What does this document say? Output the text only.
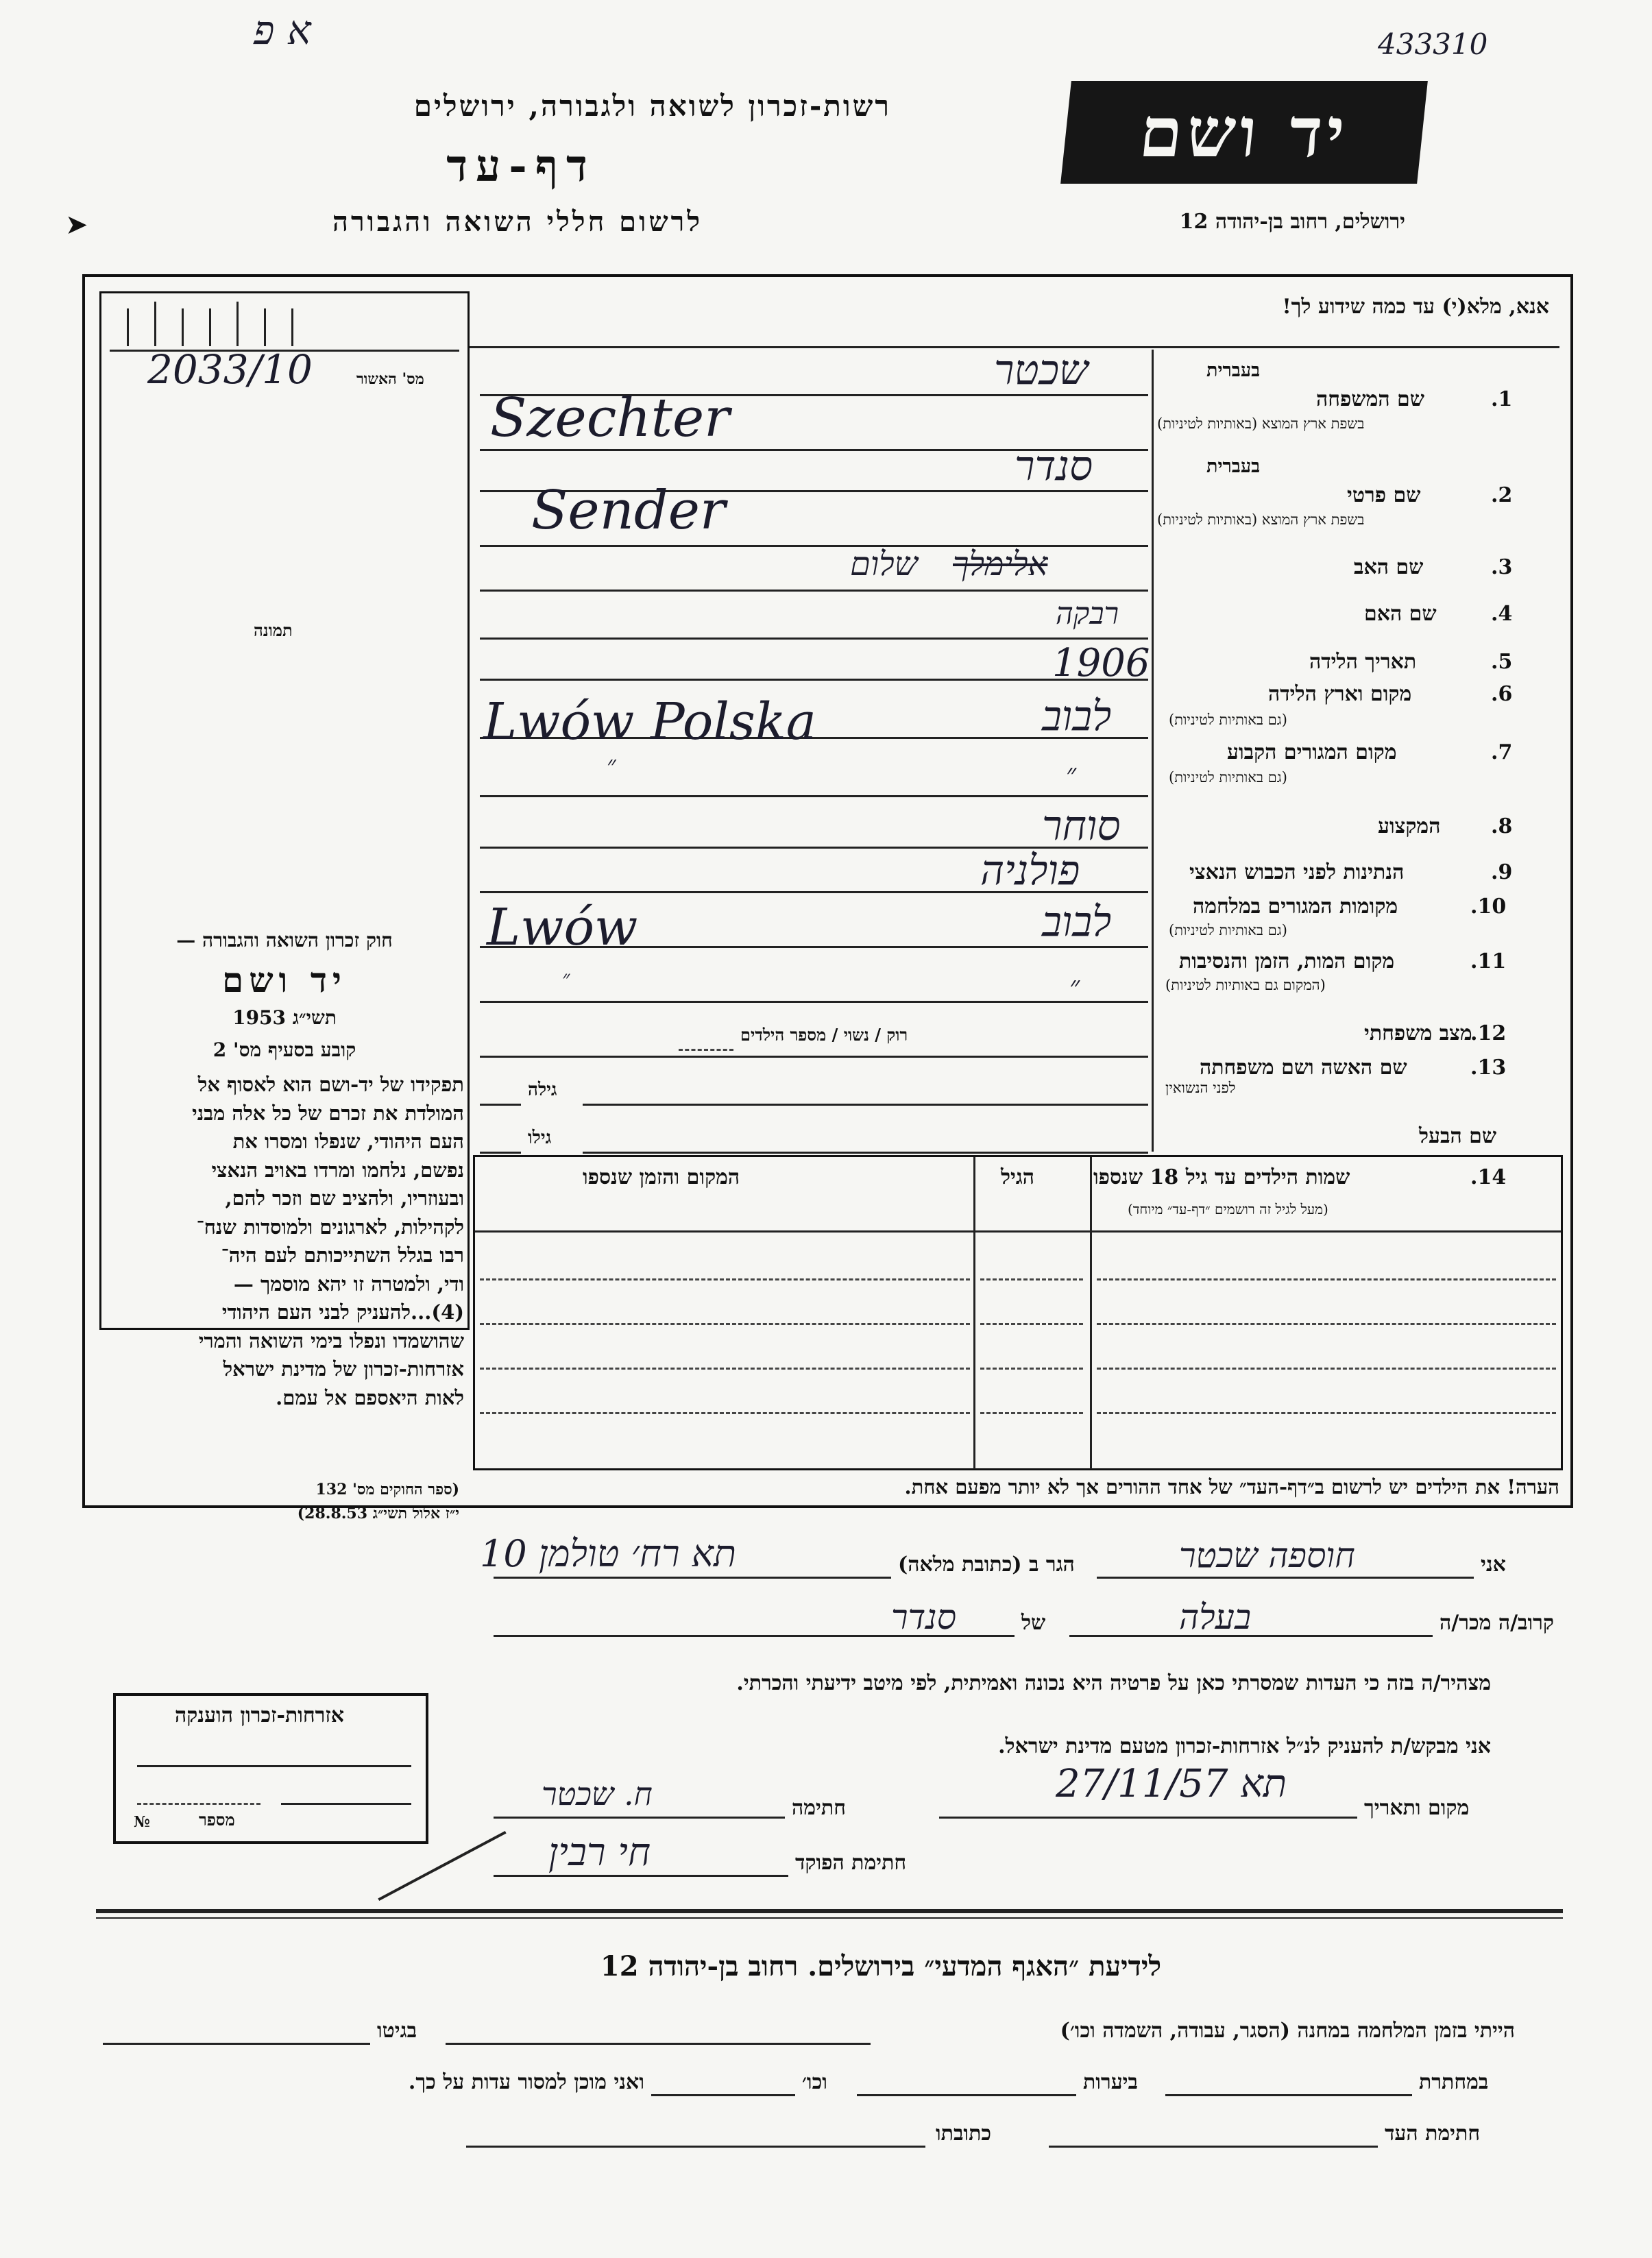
א פ	433310
רשות-זכרון לשואה ולגבורה, ירושלים
דף-עד
לרשום חללי השואה והגבורה
➤
יד ושם
ירושלים, רחוב בן-יהודה 12
2033/10	מס' האשור
תמונה
חוק זכרון השואה והגבורה —
יד ושם
תשי״ג 1953
קובע בסעיף מס' 2
תפקידו של יד-ושם הוא לאסוף אל
המולדת את זכרם של כל אלה מבני
העם היהודי, שנפלו ומסרו את
נפשם, נלחמו ומרדו באויב הנאצי
ובעוזריו, ולהציב שם וזכר להם,
לקהילות, לארגונים ולמוסדות שנח־
רבו בגלל השתייכותם לעם היה־
ודי, ולמטרה זו יהא מוסמך —
(4)...להעניק לבני העם היהודי
שהושמדו ונפלו בימי השואה והמרי
אזרחות-זכרון של מדינת ישראל
לאות היאספם אל עמם.
(ספר החוקים מס' 132
י״ז אלול תשי״ג 28.8.53)
אנא, מלא(י) עד כמה שידוע לך!
בעברית
שם המשפחה	1.
בשפת ארץ המוצא (באותיות לטיניות)
שכטר
Szechter
בעברית
שם פרטי	2.
בשפת ארץ המוצא (באותיות לטיניות)
סנדר
Sender
שם האב	3.
שלום אלימלך
שם האם	4.
רבקה
תאריך הלידה	5.
1906
מקום וארץ הלידה	6.
(גם באותיות לטיניות)
לבוב
Lwów Polska
מקום המגורים הקבוע	7.
(גם באותיות לטיניות)
״
״
המקצוע 8.
סוחר
הנתינות לפני הכבוש הנאצי	9.
פולניה
מקומות המגורים במלחמה	10.
(גם באותיות לטיניות)
לבוב
Lwów
מקום המות, הזמן והנסיבות	11.
(המקום גם באותיות לטיניות)
״
״
מצב משפחתי
12.
רוק / נשוי / מספר הילדים
שם האשה ושם משפחתה	13.
לפני הנשואין
גילה
שם הבעל
גילו
שמות הילדים עד גיל 18 שנספו	14.
(מעל לגיל זה רושמים ״דף-עד״ מיוחד)
הגיל
המקום והזמן שנספו
הערה! את הילדים יש לרשום ב״דף-העד״ של אחד ההורים אך לא יותר מפעם אחת.
אני
חוספה שכטר
הגר ב (כתובת מלאה)
תא רח׳ טולמן 10
קרוב/ה מכר/ה
בעלה
של
סנדר
מצהיר/ה בזה כי העדות שמסרתי כאן על פרטיה היא נכונה ואמיתית, לפי מיטב ידיעתי והכרתי.
אני מבקש/ת להעניק לנ״ל אזרחות-זכרון מטעם מדינת ישראל.
מקום ותאריך
תא 27/11/57
חתימה
ח. שכטר
חתימת הפוקד
חי רבין
אזרחות-זכרון הוענקה
מספר
№
לידיעת ״האגף המדעי״ בירושלים. רחוב בן-יהודה 12
הייתי בזמן המלחמה במחנה (הסגר, עבודה, השמדה וכו׳)
בגיטו
במחתרת
ביערות
וכו׳
ואני מוכן למסור עדות על כך.
חתימת העד
כתובתו
